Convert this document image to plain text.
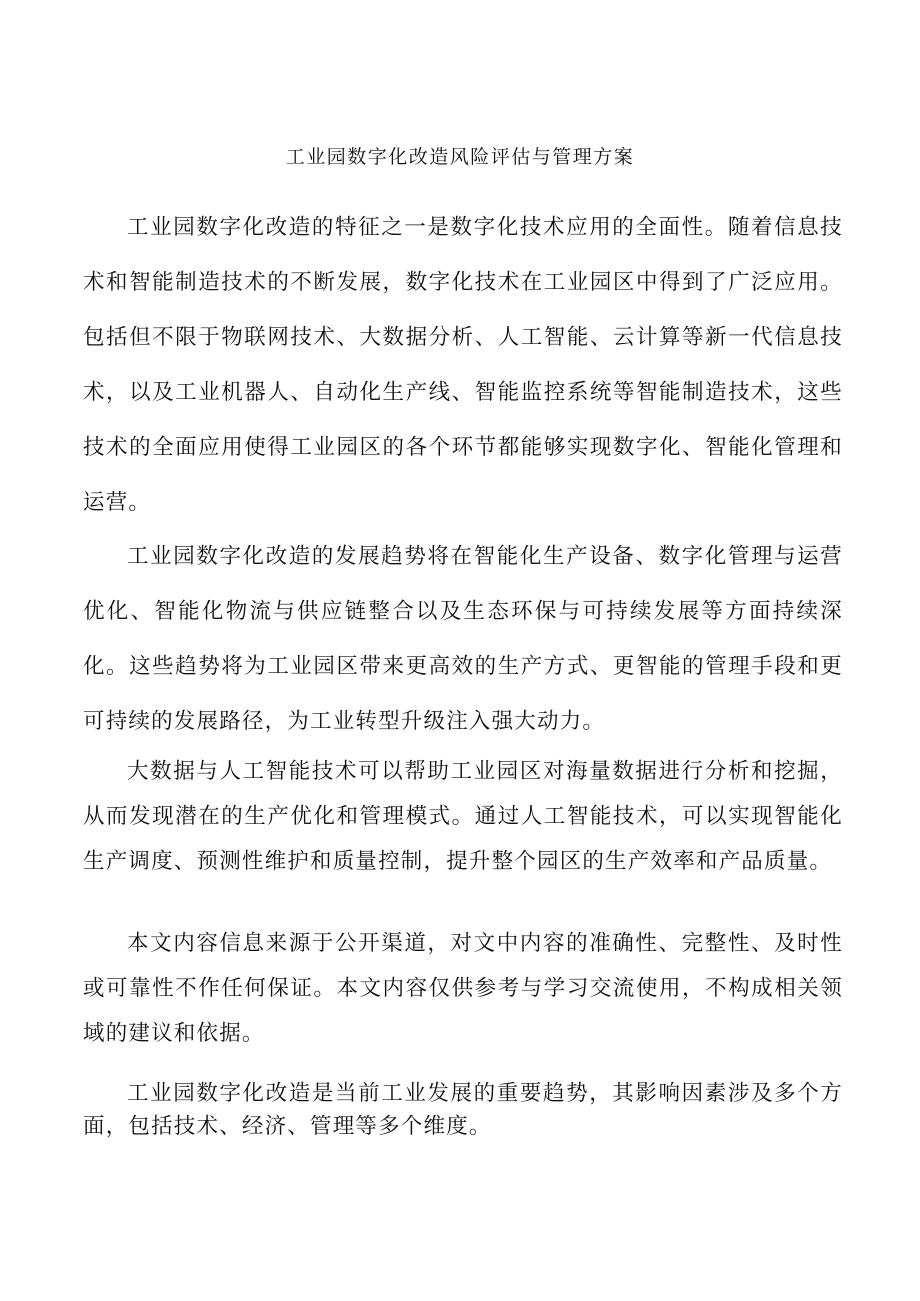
工业园数字化改造风险评估与管理方案

工业园数字化改造的特征之一是数字化技术应用的全面性。随着信息技术和智能制造技术的不断发展，数字化技术在工业园区中得到了广泛应用。包括但不限于物联网技术、大数据分析、人工智能、云计算等新一代信息技术，以及工业机器人、自动化生产线、智能监控系统等智能制造技术，这些技术的全面应用使得工业园区的各个环节都能够实现数字化、智能化管理和运营。

工业园数字化改造的发展趋势将在智能化生产设备、数字化管理与运营优化、智能化物流与供应链整合以及生态环保与可持续发展等方面持续深化。这些趋势将为工业园区带来更高效的生产方式、更智能的管理手段和更可持续的发展路径，为工业转型升级注入强大动力。

大数据与人工智能技术可以帮助工业园区对海量数据进行分析和挖掘，从而发现潜在的生产优化和管理模式。通过人工智能技术，可以实现智能化生产调度、预测性维护和质量控制，提升整个园区的生产效率和产品质量。

本文内容信息来源于公开渠道，对文中内容的准确性、完整性、及时性或可靠性不作任何保证。本文内容仅供参考与学习交流使用，不构成相关领域的建议和依据。

工业园数字化改造是当前工业发展的重要趋势，其影响因素涉及多个方面，包括技术、经济、管理等多个维度。
